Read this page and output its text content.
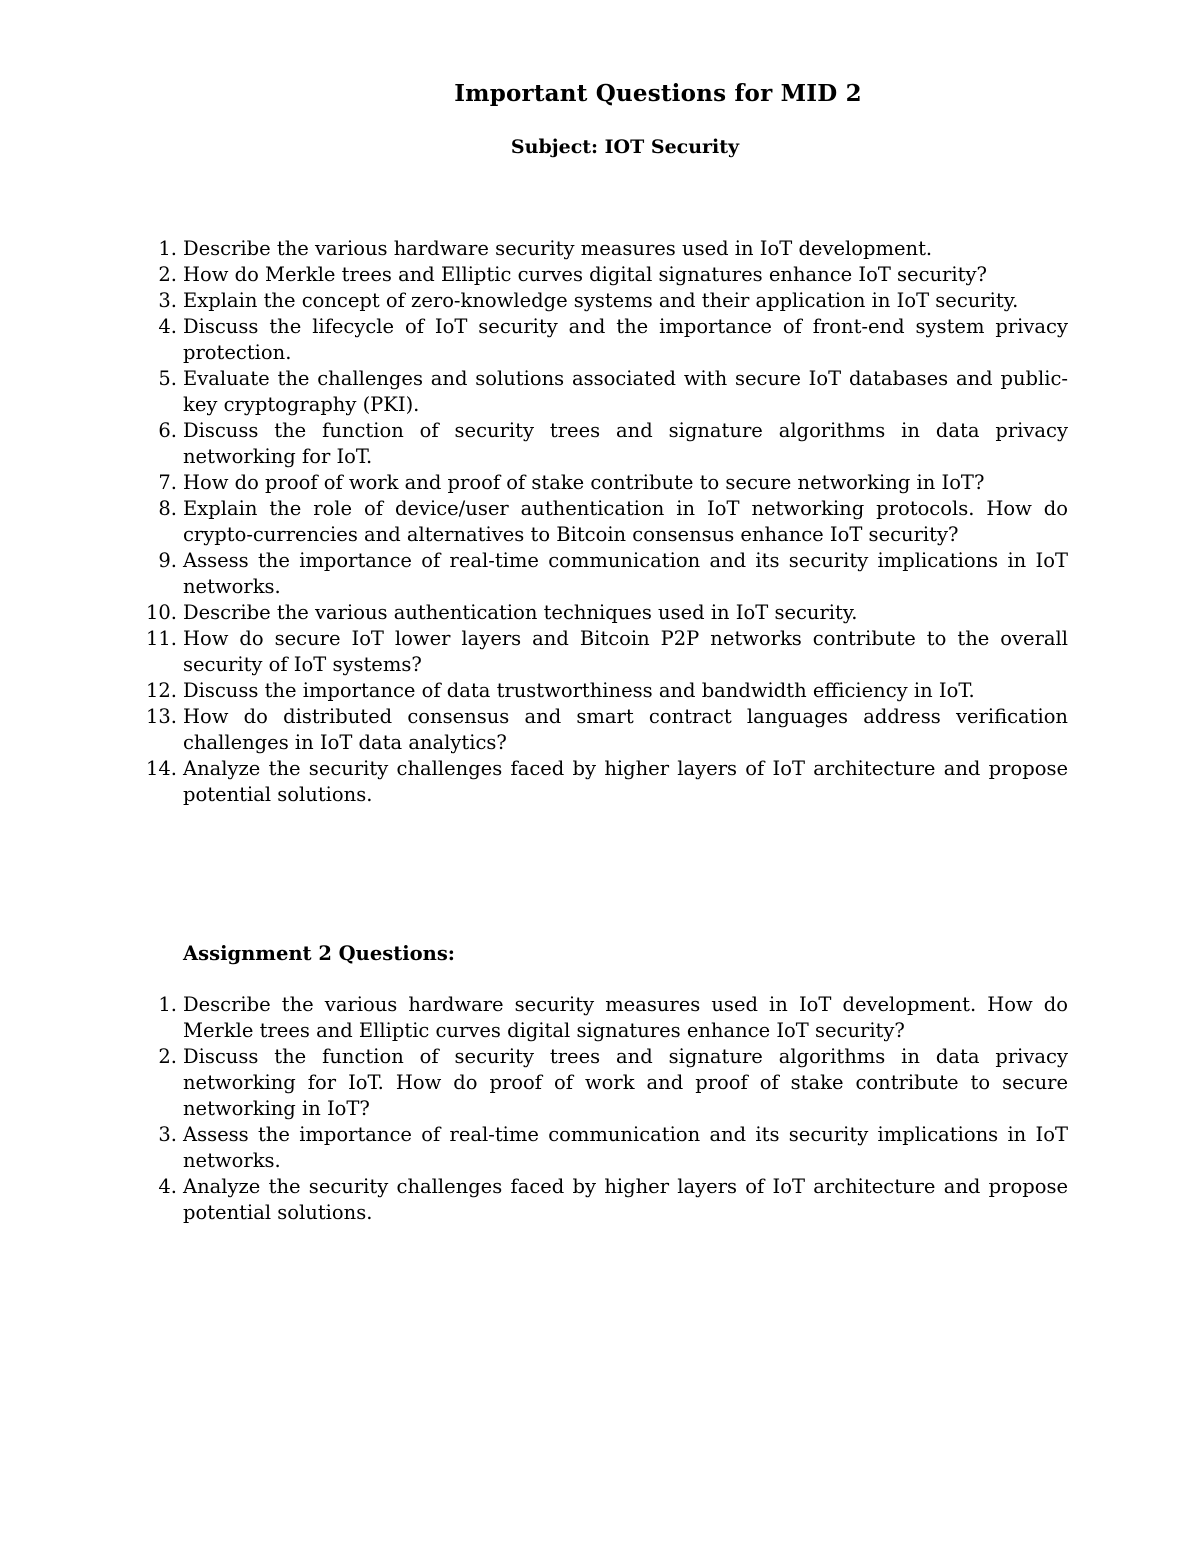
Important Questions for MID 2
Subject: IOT Security
1. Describe the various hardware security measures used in IoT development.
2. How do Merkle trees and Elliptic curves digital signatures enhance IoT security?
3. Explain the concept of zero-knowledge systems and their application in IoT security.
4. Discuss the lifecycle of IoT security and the importance of front-end system privacy protection.
5. Evaluate the challenges and solutions associated with secure IoT databases and public-key cryptography (PKI).
6. Discuss the function of security trees and signature algorithms in data privacy networking for IoT.
7. How do proof of work and proof of stake contribute to secure networking in IoT?
8. Explain the role of device/user authentication in IoT networking protocols. How do crypto-currencies and alternatives to Bitcoin consensus enhance IoT security?
9. Assess the importance of real-time communication and its security implications in IoT networks.
10. Describe the various authentication techniques used in IoT security.
11. How do secure IoT lower layers and Bitcoin P2P networks contribute to the overall security of IoT systems?
12. Discuss the importance of data trustworthiness and bandwidth efficiency in IoT.
13. How do distributed consensus and smart contract languages address verification challenges in IoT data analytics?
14. Analyze the security challenges faced by higher layers of IoT architecture and propose potential solutions.
Assignment 2 Questions:
1. Describe the various hardware security measures used in IoT development. How do Merkle trees and Elliptic curves digital signatures enhance IoT security?
2. Discuss the function of security trees and signature algorithms in data privacy networking for IoT. How do proof of work and proof of stake contribute to secure networking in IoT?
3. Assess the importance of real-time communication and its security implications in IoT networks.
4. Analyze the security challenges faced by higher layers of IoT architecture and propose potential solutions.
